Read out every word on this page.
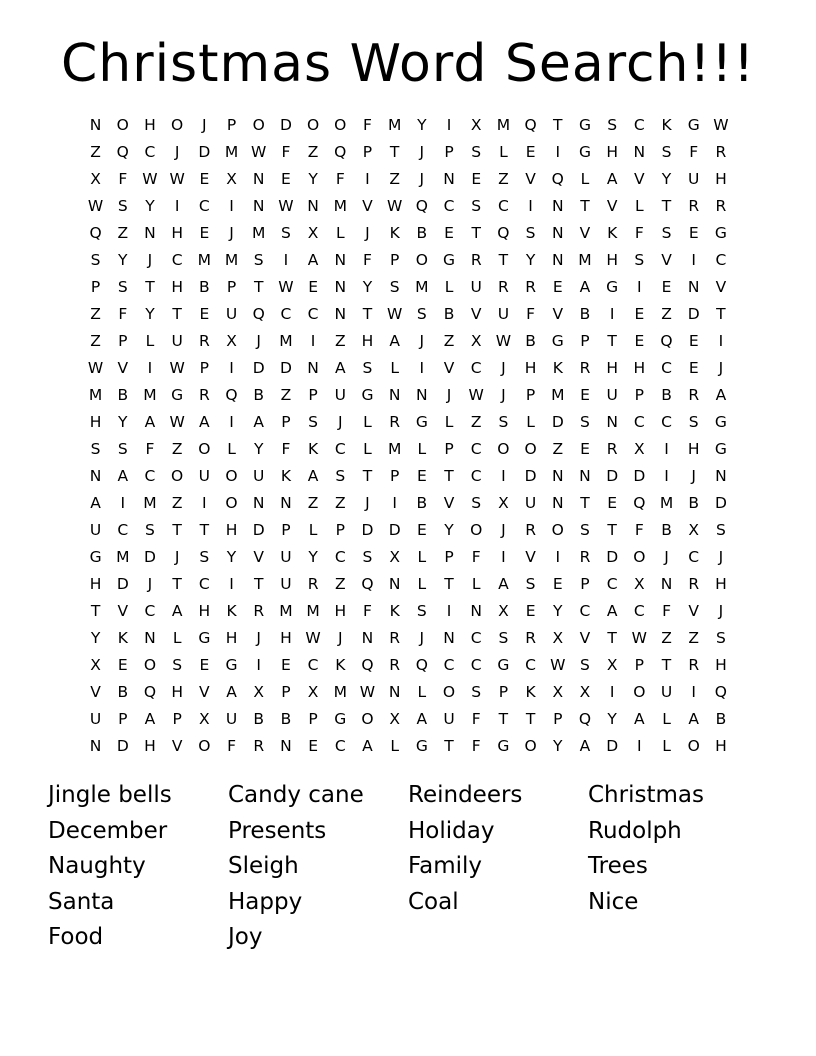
Christmas Word Search!!!
N O H O	J	P	O D O O	F	M	Y	I	X M Q	T	G	S	C	K	G W
Z	Q	C	J	D M W F	Z	Q	P	T	J	P	S	L	E	I	G H	N	S	F	R
X	F W W E	X	N	E	Y	F	I	Z	J	N	E	Z	V	Q	L	A	V	Y	U	H
W S	Y	I	C	I	N W N M V W Q	C	S	C	I	N	T	V	L	T	R	R
Q	Z	N	H	E	J	M	S	X	L	J	K	B	E	T	Q	S	N	V	K	F	S	E	G
S	Y	J	C M M	S	I	A	N	F	P	O G	R	T	Y	N M H	S	V	I	C
P	S	T	H	B	P	T W E	N	Y	S	M	L	U	R	R	E	A	G	I	E	N	V
Z	F	Y	T	E	U Q	C	C	N	T W S	B	V	U	F	V	B	I	E	Z	D	T
Z	P	L	U	R	X	J	M	I	Z	H	A	J	Z	X W B	G	P	T	E	Q	E	I
W V	I	W P	I	D D N	A	S	L	I	V	C	J	H	K	R	H	H	C	E	J
M B M G	R	Q	B	Z	P	U	G N	N	J	W	J	P	M	E	U	P	B	R	A
H	Y	A W A	I	A	P	S	J	L	R	G	L	Z	S	L	D	S	N	C	C	S	G
S	S	F	Z	O	L	Y	F	K	C	L	M	L	P	C	O O	Z	E	R	X	I	H G
N	A	C	O U O U	K	A	S	T	P	E	T	C	I	D N	N D D	I	J	N
A	I	M Z	I	O N	N	Z	Z	J	I	B	V	S	X	U	N	T	E	Q M B	D
U	C	S	T	T	H D	P	L	P	D D	E	Y	O	J	R	O	S	T	F	B	X	S
G M D	J	S	Y	V	U	Y	C	S	X	L	P	F	I	V	I	R	D O	J	C	J
H D	J	T	C	I	T	U	R	Z	Q N	L	T	L	A	S	E	P	C	X	N	R	H
T	V	C	A	H	K	R M M H	F	K	S	I	N	X	E	Y	C	A	C	F	V	J
Y	K	N	L	G H	J	H W	J	N	R	J	N	C	S	R	X	V	T W Z	Z	S
X	E	O	S	E	G	I	E	C	K	Q	R	Q	C	C	G	C W S	X	P	T	R	H
V	B	Q H	V	A	X	P	X M W N	L	O	S	P	K	X	X	I	O U	I	Q
U	P	A	P	X	U	B	B	P	G O	X	A	U	F	T	T	P	Q	Y	A	L	A	B
N D H	V	O	F	R	N	E	C	A	L	G	T	F	G O	Y	A	D	I	L	O H
Jingle bells	Candy cane	Reindeers	Christmas
December	Presents	Holiday	Rudolph
Naughty	Sleigh	Family	Trees
Santa	Happy	Coal	Nice
Food	Joy
